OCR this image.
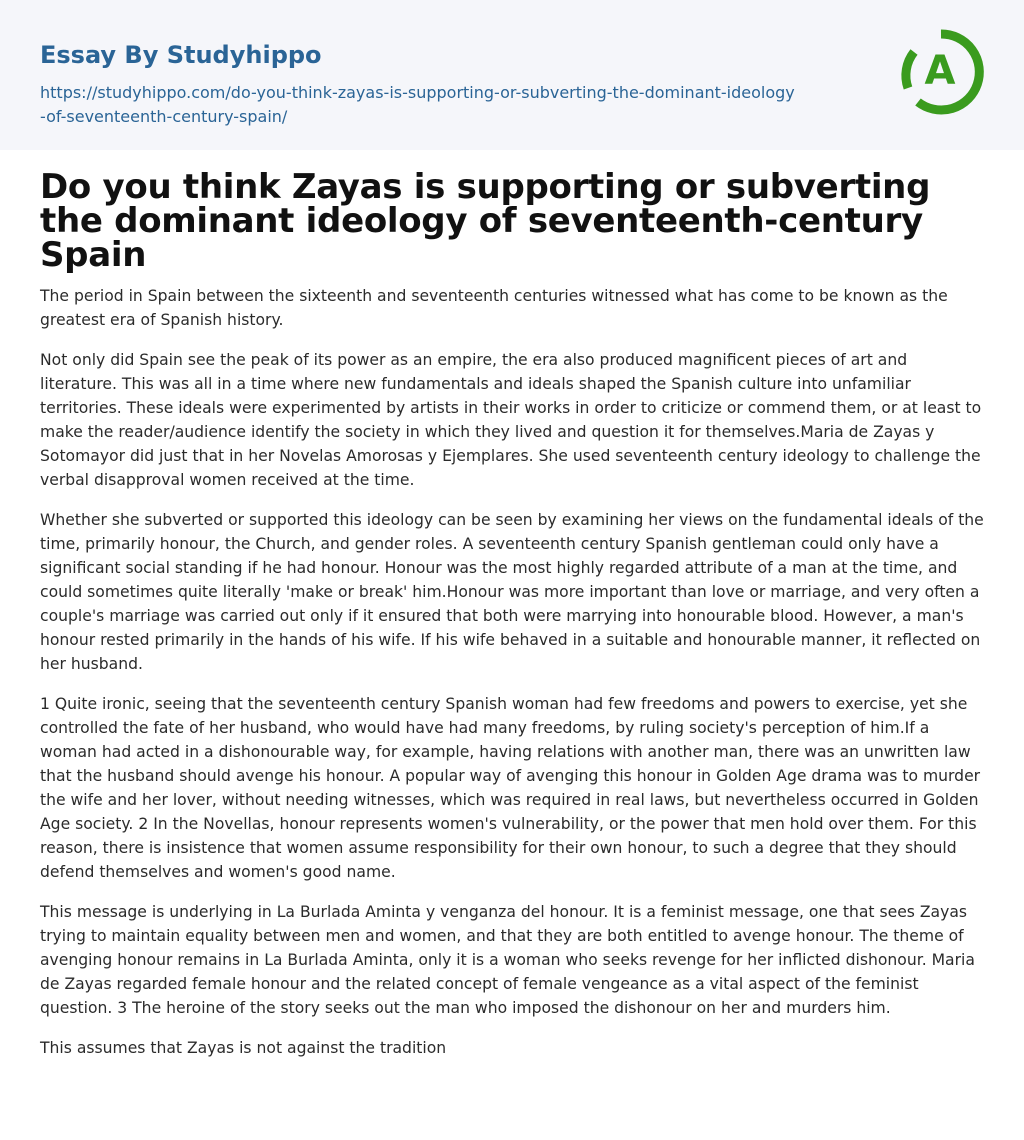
Essay By Studyhippo
https://studyhippo.com/do-you-think-zayas-is-supporting-or-subverting-the-dominant-ideology-of-seventeenth-century-spain/
A
Do you think Zayas is supporting or subverting the dominant ideology of seventeenth-century Spain

The period in Spain between the sixteenth and seventeenth centuries witnessed what has come to be known as the greatest era of Spanish history.

Not only did Spain see the peak of its power as an empire, the era also produced magnificent pieces of art and literature. This was all in a time where new fundamentals and ideals shaped the Spanish culture into unfamiliar territories. These ideals were experimented by artists in their works in order to criticize or commend them, or at least to make the reader/audience identify the society in which they lived and question it for themselves.Maria de Zayas y Sotomayor did just that in her Novelas Amorosas y Ejemplares. She used seventeenth century ideology to challenge the verbal disapproval women received at the time.

Whether she subverted or supported this ideology can be seen by examining her views on the fundamental ideals of the time, primarily honour, the Church, and gender roles. A seventeenth century Spanish gentleman could only have a significant social standing if he had honour. Honour was the most highly regarded attribute of a man at the time, and could sometimes quite literally 'make or break' him.Honour was more important than love or marriage, and very often a couple's marriage was carried out only if it ensured that both were marrying into honourable blood. However, a man's honour rested primarily in the hands of his wife. If his wife behaved in a suitable and honourable manner, it reflected on her husband.

1 Quite ironic, seeing that the seventeenth century Spanish woman had few freedoms and powers to exercise, yet she controlled the fate of her husband, who would have had many freedoms, by ruling society's perception of him.If a woman had acted in a dishonourable way, for example, having relations with another man, there was an unwritten law that the husband should avenge his honour. A popular way of avenging this honour in Golden Age drama was to murder the wife and her lover, without needing witnesses, which was required in real laws, but nevertheless occurred in Golden Age society. 2 In the Novellas, honour represents women's vulnerability, or the power that men hold over them. For this reason, there is insistence that women assume responsibility for their own honour, to such a degree that they should defend themselves and women's good name.

This message is underlying in La Burlada Aminta y venganza del honour. It is a feminist message, one that sees Zayas trying to maintain equality between men and women, and that they are both entitled to avenge honour. The theme of avenging honour remains in La Burlada Aminta, only it is a woman who seeks revenge for her inflicted dishonour. Maria de Zayas regarded female honour and the related concept of female vengeance as a vital aspect of the feminist question. 3 The heroine of the story seeks out the man who imposed the dishonour on her and murders him.

This assumes that Zayas is not against the tradition
